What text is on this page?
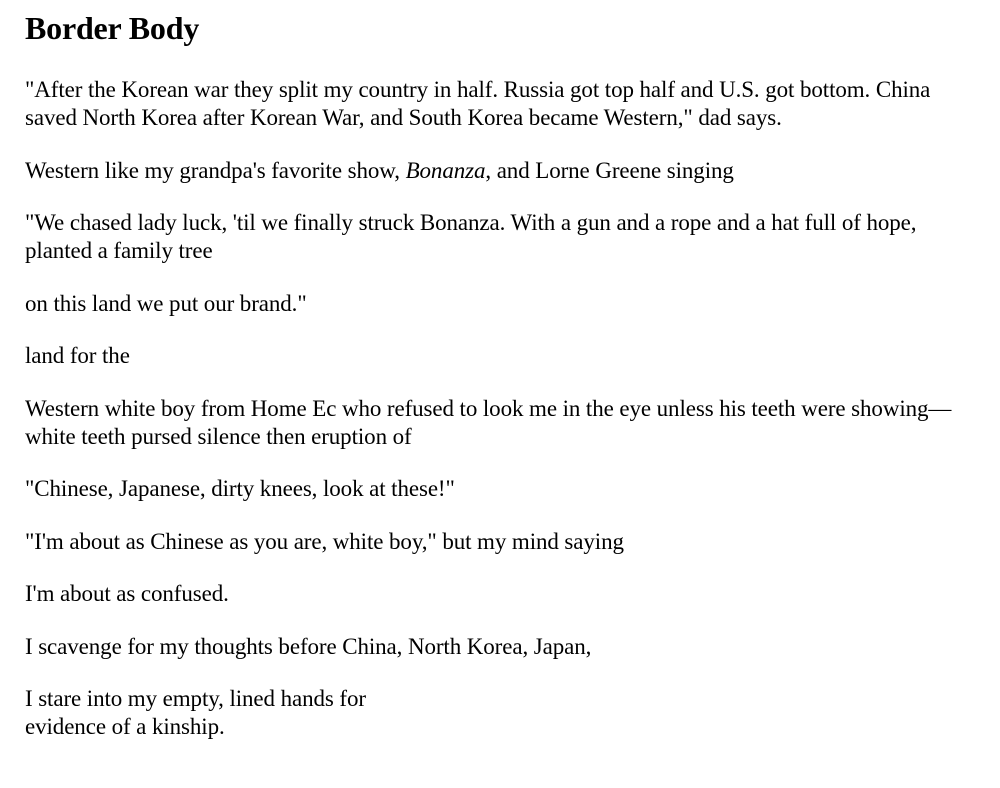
Border Body

"After the Korean war they split my country in half. Russia got top half and U.S. got bottom. China saved North Korea after Korean War, and South Korea became Western," dad says.

Western like my grandpa's favorite show, Bonanza, and Lorne Greene singing

"We chased lady luck, 'til we finally struck Bonanza. With a gun and a rope and a hat full of hope, planted a family tree

on this land we put our brand."

land for the

Western white boy from Home Ec who refused to look me in the eye unless his teeth were showing—white teeth pursed silence then eruption of

"Chinese, Japanese, dirty knees, look at these!"

"I'm about as Chinese as you are, white boy," but my mind saying

I'm about as confused.

I scavenge for my thoughts before China, North Korea, Japan,

I stare into my empty, lined hands for
evidence of a kinship.
